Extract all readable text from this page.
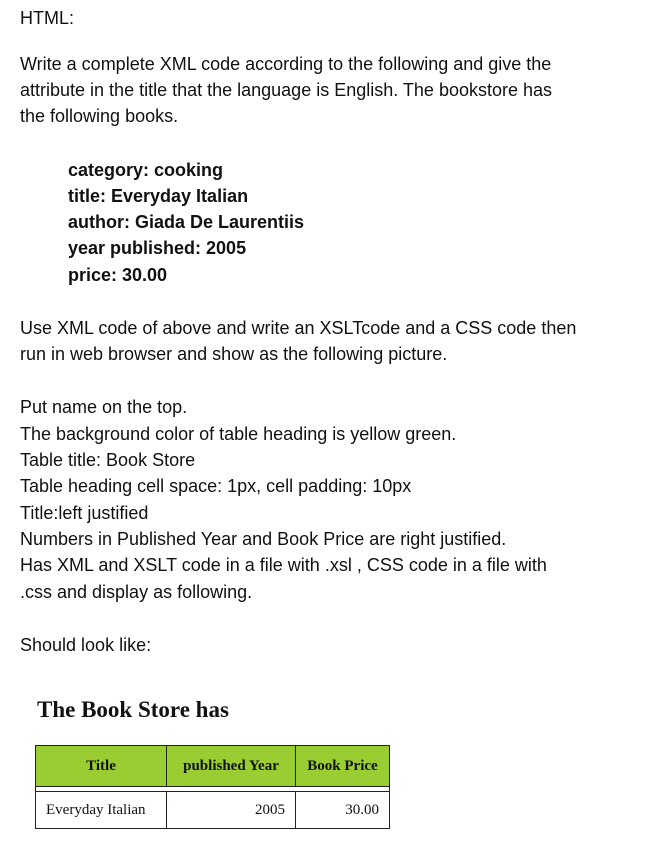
HTML:
Write a complete XML code according to the following and give the
attribute in the title that the language is English. The bookstore has
the following books.
category: cooking
title: Everyday Italian
author: Giada De Laurentiis
year published: 2005
price: 30.00
Use XML code of above and write an XSLTcode and a CSS code then
run in web browser and show as the following picture.
Put name on the top.
The background color of table heading is yellow green.
Table title: Book Store
Table heading cell space: 1px, cell padding: 10px
Title:left justified
Numbers in Published Year and Book Price are right justified.
Has XML and XSLT code in a file with .xsl , CSS code in a file with
.css and display as following.
Should look like:
The Book Store has
Title	published Year	Book Price

Everyday Italian	2005	30.00
